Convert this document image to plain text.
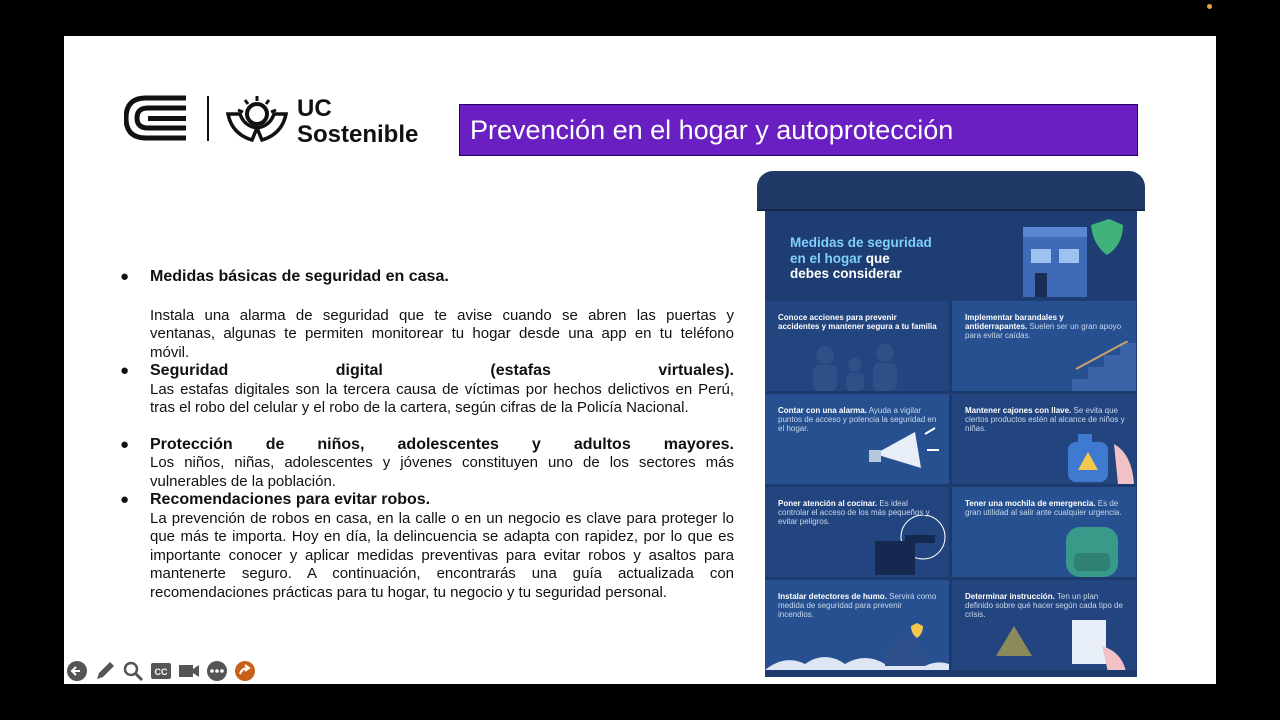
UC
Sostenible Prevención en el hogar y autoprotección
● Medidas básicas de seguridad en casa.
Instala una alarma de seguridad que te avise cuando se abren las puertas y
ventanas, algunas te permiten monitorear tu hogar desde una app en tu teléfono
móvil.
● Seguridad digital (estafas virtuales).

Las estafas digitales son la tercera causa de víctimas por hechos delictivos en Perú, tras el robo del celular y el robo de la cartera, según cifras de la Policía Nacional.

● Protección de niños, adolescentes y adultos mayores.

Los niños, niñas, adolescentes y jóvenes constituyen uno de los sectores más vulnerables de la población.

● Recomendaciones para evitar robos.

La prevención de robos en casa, en la calle o en un negocio es clave para proteger lo que más te importa. Hoy en día, la delincuencia se adapta con rapidez, por lo que es importante conocer y aplicar medidas preventivas para evitar robos y asaltos para mantenerte seguro. A continuación, encontrarás una guía actualizada con recomendaciones prácticas para tu hogar, tu negocio y tu seguridad personal.

Medidas de seguridad
en el hogar que
debes considerar
Conoce acciones para prevenir accidentes y mantener segura a tu familia
Implementar barandales y antiderrapantes. Suelen ser un gran apoyo para evitar caídas.
Contar con una alarma. Ayuda a vigilar puntos de acceso y potencia la seguridad en el hogar.
Mantener cajones con llave. Se evita que ciertos productos estén al alcance de niños y niñas.
Poner atención al cocinar. Es ideal controlar el acceso de los más pequeños y evitar peligros.
Tener una mochila de emergencia. Es de gran utilidad al salir ante cualquier urgencia.
Instalar detectores de humo. Servirá como medida de seguridad para prevenir incendios.
Determinar instrucción. Ten un plan definido sobre qué hacer según cada tipo de crisis.
CC
